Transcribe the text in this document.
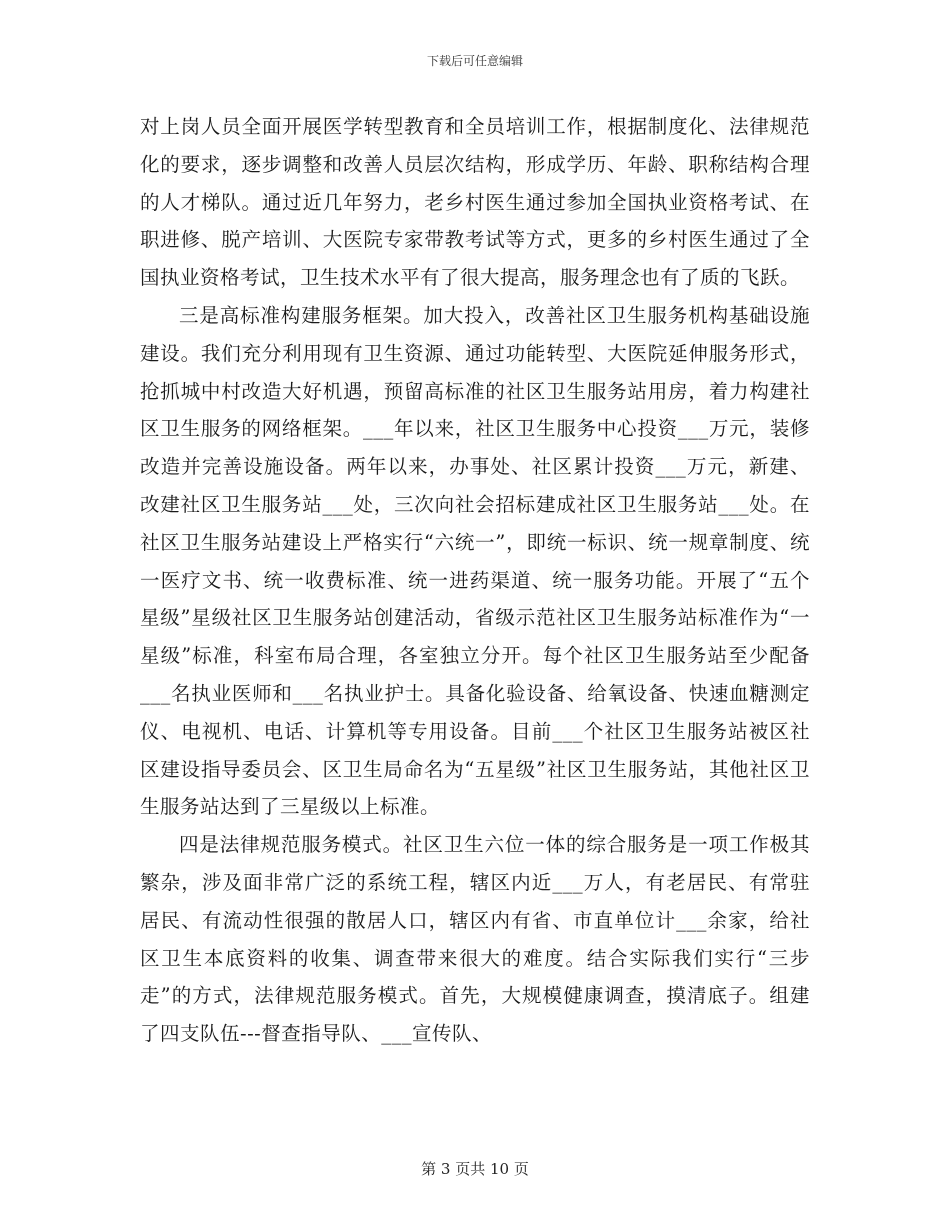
下载后可任意编辑

对上岗人员全面开展医学转型教育和全员培训工作，根据制度化、法律规范化的要求，逐步调整和改善人员层次结构，形成学历、年龄、职称结构合理的人才梯队。通过近几年努力，老乡村医生通过参加全国执业资格考试、在职进修、脱产培训、大医院专家带教考试等方式，更多的乡村医生通过了全国执业资格考试，卫生技术水平有了很大提高，服务理念也有了质的飞跃。

三是高标准构建服务框架。加大投入，改善社区卫生服务机构基础设施建设。我们充分利用现有卫生资源、通过功能转型、大医院延伸服务形式，抢抓城中村改造大好机遇，预留高标准的社区卫生服务站用房，着力构建社区卫生服务的网络框架。___年以来，社区卫生服务中心投资___万元，装修改造并完善设施设备。两年以来，办事处、社区累计投资___万元，新建、改建社区卫生服务站___处，三次向社会招标建成社区卫生服务站___处。在社区卫生服务站建设上严格实行“六统一”，即统一标识、统一规章制度、统一医疗文书、统一收费标准、统一进药渠道、统一服务功能。开展了“五个星级”星级社区卫生服务站创建活动，省级示范社区卫生服务站标准作为“一星级”标准，科室布局合理，各室独立分开。每个社区卫生服务站至少配备___名执业医师和___名执业护士。具备化验设备、给氧设备、快速血糖测定仪、电视机、电话、计算机等专用设备。目前___个社区卫生服务站被区社区建设指导委员会、区卫生局命名为“五星级”社区卫生服务站，其他社区卫生服务站达到了三星级以上标准。

四是法律规范服务模式。社区卫生六位一体的综合服务是一项工作极其繁杂，涉及面非常广泛的系统工程，辖区内近___万人，有老居民、有常驻居民、有流动性很强的散居人口，辖区内有省、市直单位计___余家，给社区卫生本底资料的收集、调查带来很大的难度。结合实际我们实行“三步走”的方式，法律规范服务模式。首先，大规模健康调查，摸清底子。组建了四支队伍---督查指导队、___宣传队、

第 3 页共 10 页
